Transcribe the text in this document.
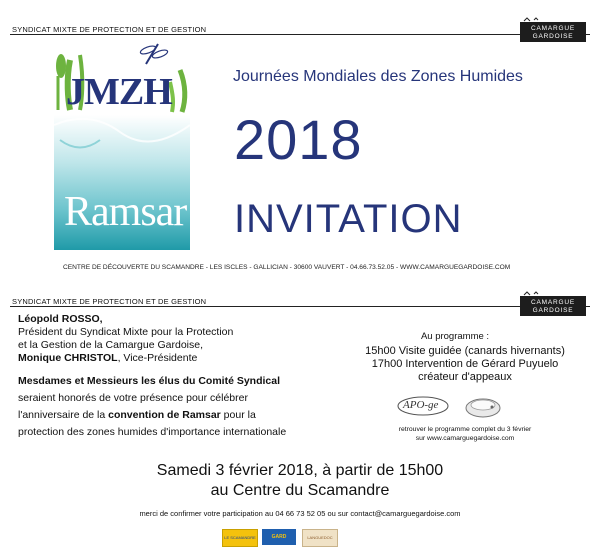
SYNDICAT MIXTE DE PROTECTION ET DE GESTION	CAMARGUE
GARDOISE
JMZH
Ramsar
Journées Mondiales des Zones Humides
2018
INVITATION
CENTRE DE DÉCOUVERTE DU SCAMANDRE - LES ISCLES - GALLICIAN - 30600 VAUVERT - 04.66.73.52.05 - WWW.CAMARGUEGARDOISE.COM
SYNDICAT MIXTE DE PROTECTION ET DE GESTION	CAMARGUE
GARDOISE
Léopold ROSSO,
Président du Syndicat Mixte pour la Protection
et la Gestion de la Camargue Gardoise,
Monique CHRISTOL, Vice-Présidente
Mesdames et Messieurs les élus du Comité Syndical
seraient honorés de votre présence pour célébrer
l'anniversaire de la convention de Ramsar pour la
protection des zones humides d'importance internationale
Au programme :
15h00 Visite guidée (canards hivernants)
17h00 Intervention de Gérard Puyuelo
créateur d'appeaux
APO-ge
retrouver le programme complet du 3 février
sur www.camarguegardoise.com
Samedi 3 février 2018, à partir de 15h00
au Centre du Scamandre
merci de confirmer votre participation au 04 66 73 52 05 ou sur contact@camarguegardoise.com
LE SCAMANDRE	GARD	LANGUEDOC
